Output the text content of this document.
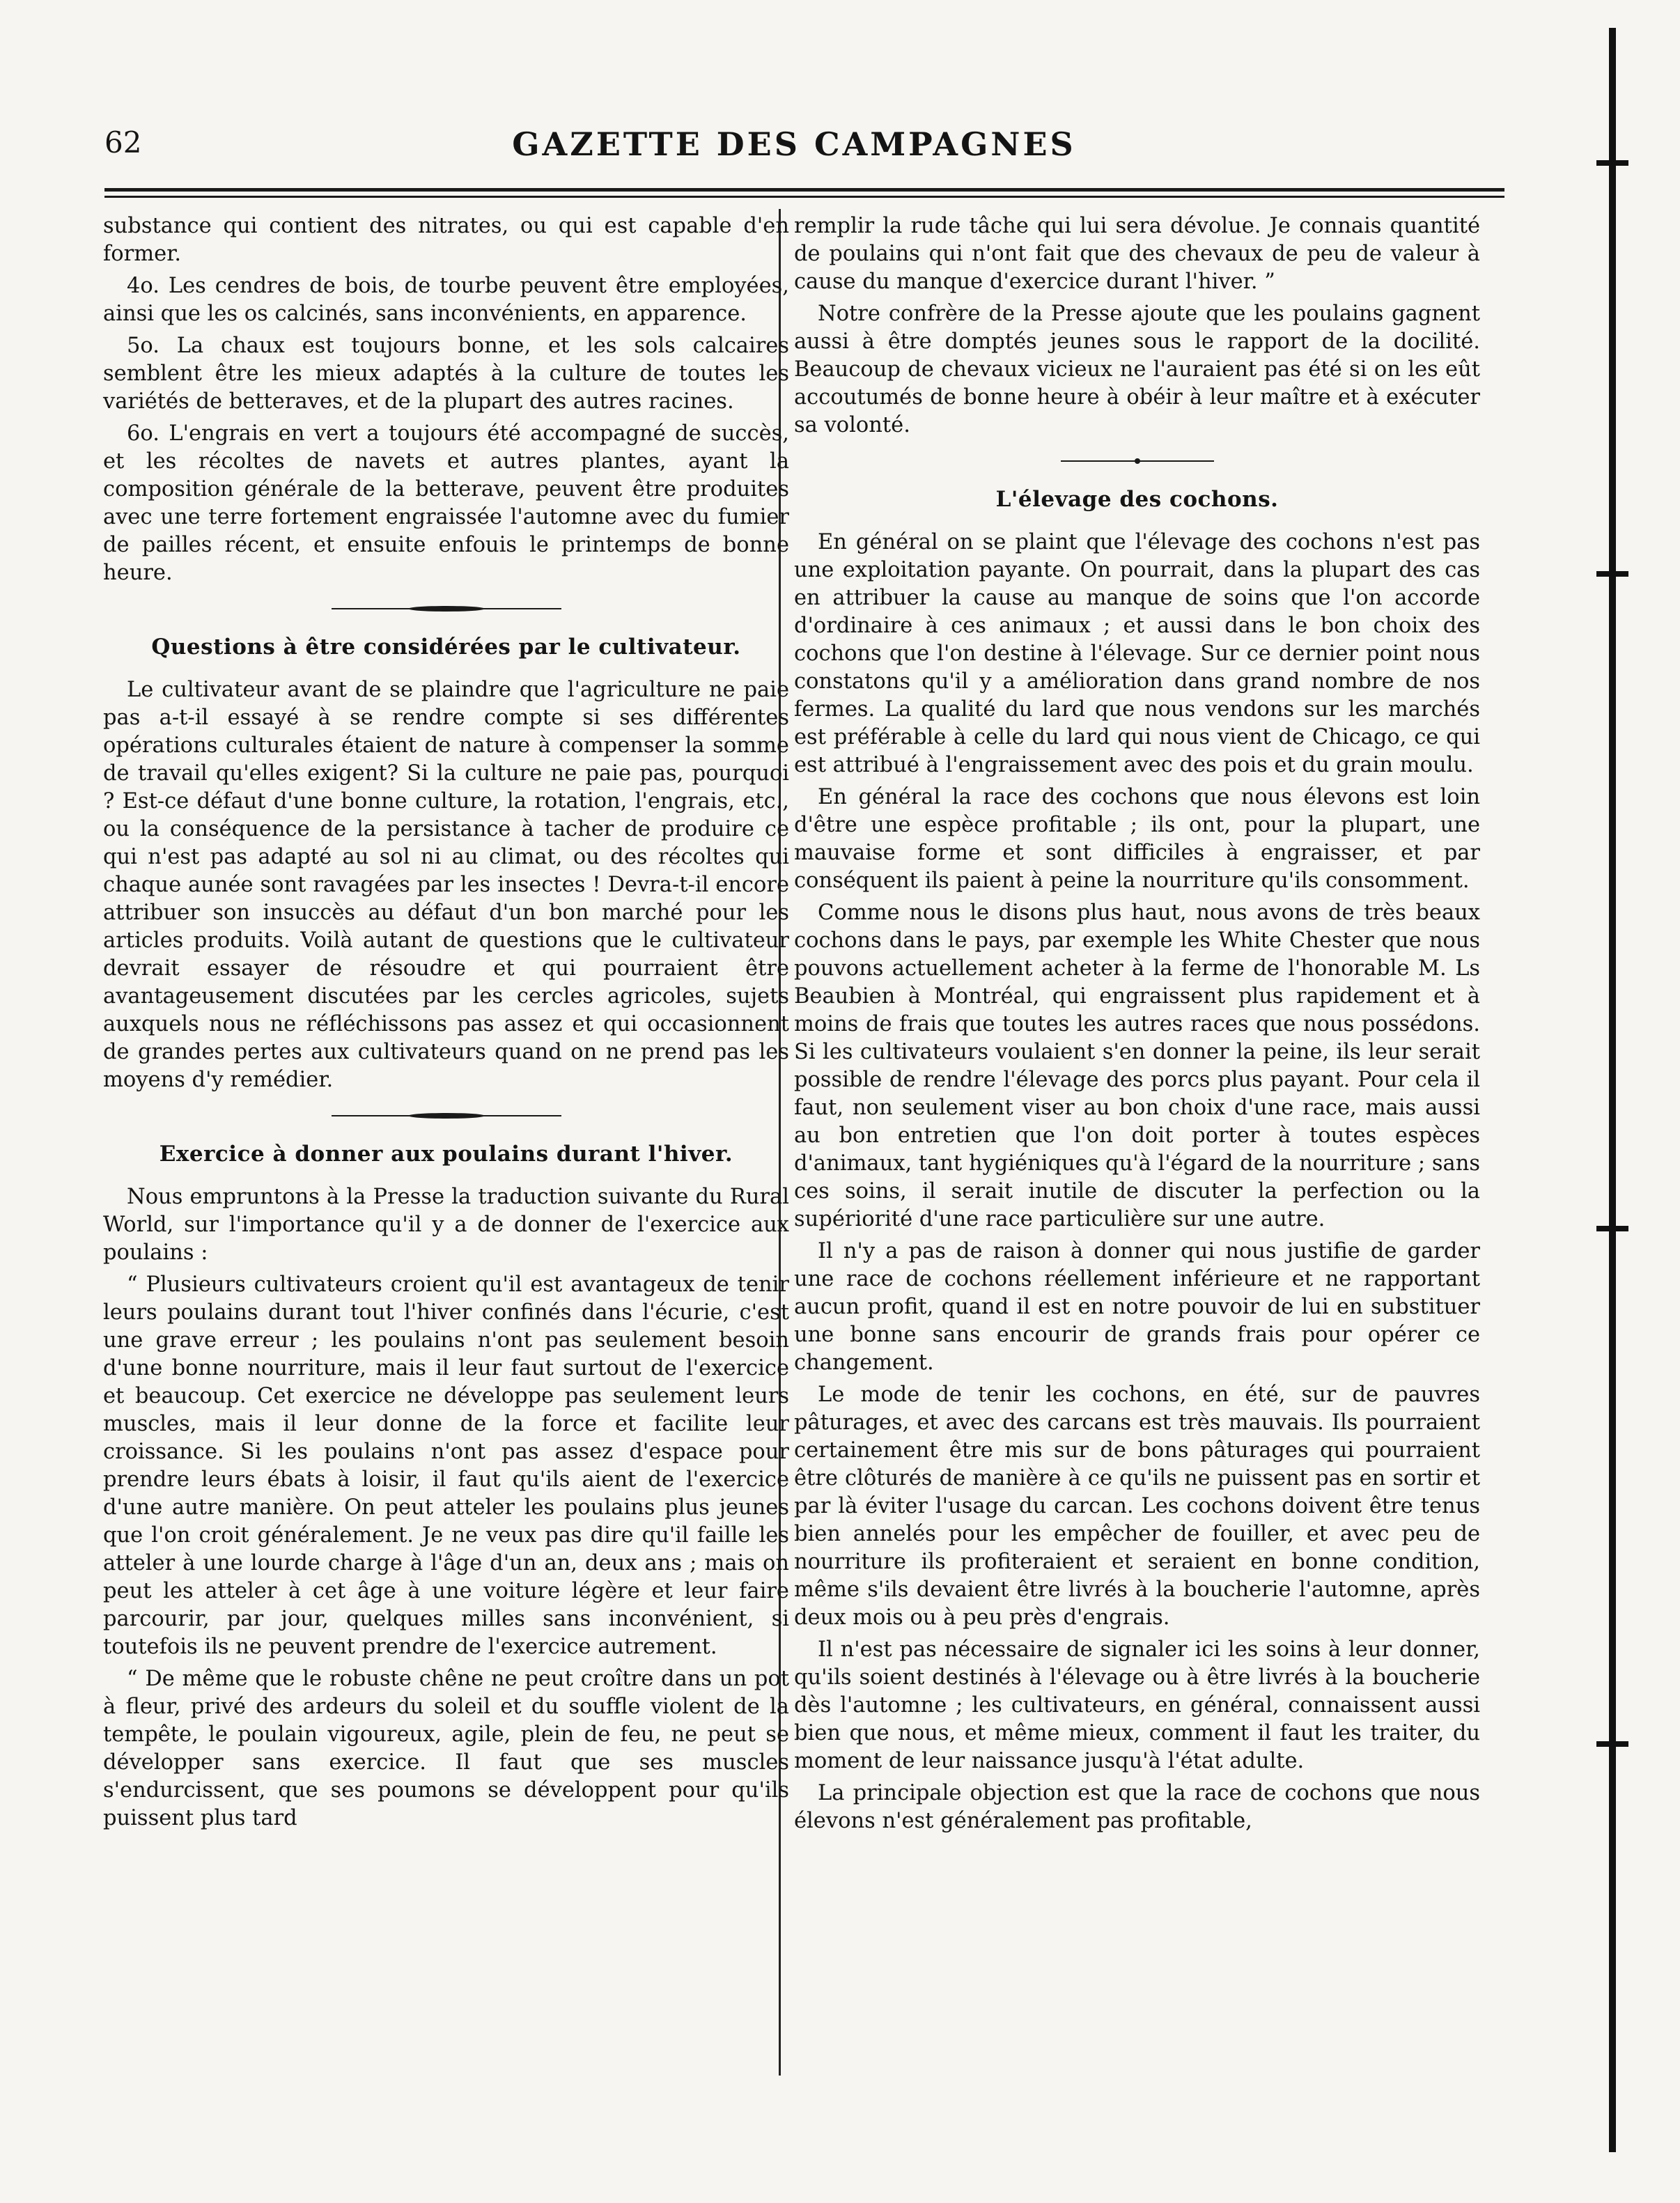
62	GAZETTE DES CAMPAGNES

substance qui contient des nitrates, ou qui est capable d'en former.

4o. Les cendres de bois, de tourbe peuvent être employées, ainsi que les os calcinés, sans inconvénients, en apparence.

5o. La chaux est toujours bonne, et les sols calcaires semblent être les mieux adaptés à la culture de toutes les variétés de betteraves, et de la plupart des autres racines.

6o. L'engrais en vert a toujours été accompagné de succès, et les récoltes de navets et autres plantes, ayant la composition générale de la betterave, peuvent être produites avec une terre fortement engraissée l'automne avec du fumier de pailles récent, et ensuite enfouis le printemps de bonne heure.

Questions à être considérées par le cultivateur.

Le cultivateur avant de se plaindre que l'agriculture ne paie pas a-t-il essayé à se rendre compte si ses différentes opérations culturales étaient de nature à compenser la somme de travail qu'elles exigent? Si la culture ne paie pas, pourquoi ? Est-ce défaut d'une bonne culture, la rotation, l'engrais, etc., ou la conséquence de la persistance à tacher de produire ce qui n'est pas adapté au sol ni au climat, ou des récoltes qui chaque aunée sont ravagées par les insectes ! Devra-t-il encore attribuer son insuccès au défaut d'un bon marché pour les articles produits. Voilà autant de questions que le cultivateur devrait essayer de résoudre et qui pourraient être avantageusement discutées par les cercles agricoles, sujets auxquels nous ne réfléchissons pas assez et qui occasionnent de grandes pertes aux cultivateurs quand on ne prend pas les moyens d'y remédier.

Exercice à donner aux poulains durant l'hiver.

Nous empruntons à la Presse la traduction suivante du Rural World, sur l'importance qu'il y a de donner de l'exercice aux poulains :

“ Plusieurs cultivateurs croient qu'il est avantageux de tenir leurs poulains durant tout l'hiver confinés dans l'écurie, c'est une grave erreur ; les poulains n'ont pas seulement besoin d'une bonne nourriture, mais il leur faut surtout de l'exercice et beaucoup. Cet exercice ne développe pas seulement leurs muscles, mais il leur donne de la force et facilite leur croissance. Si les poulains n'ont pas assez d'espace pour prendre leurs ébats à loisir, il faut qu'ils aient de l'exercice d'une autre manière. On peut atteler les poulains plus jeunes que l'on croit généralement. Je ne veux pas dire qu'il faille les atteler à une lourde charge à l'âge d'un an, deux ans ; mais on peut les atteler à cet âge à une voiture légère et leur faire parcourir, par jour, quelques milles sans inconvénient, si toutefois ils ne peuvent prendre de l'exercice autrement.

“ De même que le robuste chêne ne peut croître dans un pot à fleur, privé des ardeurs du soleil et du souffle violent de la tempête, le poulain vigoureux, agile, plein de feu, ne peut se développer sans exercice. Il faut que ses muscles s'endurcissent, que ses poumons se développent pour qu'ils puissent plus tard

remplir la rude tâche qui lui sera dévolue. Je connais quantité de poulains qui n'ont fait que des chevaux de peu de valeur à cause du manque d'exercice durant l'hiver. ”

Notre confrère de la Presse ajoute que les poulains gagnent aussi à être domptés jeunes sous le rapport de la docilité. Beaucoup de chevaux vicieux ne l'auraient pas été si on les eût accoutumés de bonne heure à obéir à leur maître et à exécuter sa volonté.

L'élevage des cochons.

En général on se plaint que l'élevage des cochons n'est pas une exploitation payante. On pourrait, dans la plupart des cas en attribuer la cause au manque de soins que l'on accorde d'ordinaire à ces animaux ; et aussi dans le bon choix des cochons que l'on destine à l'élevage. Sur ce dernier point nous constatons qu'il y a amélioration dans grand nombre de nos fermes. La qualité du lard que nous vendons sur les marchés est préférable à celle du lard qui nous vient de Chicago, ce qui est attribué à l'engraissement avec des pois et du grain moulu.

En général la race des cochons que nous élevons est loin d'être une espèce profitable ; ils ont, pour la plupart, une mauvaise forme et sont difficiles à engraisser, et par conséquent ils paient à peine la nourriture qu'ils consomment.

Comme nous le disons plus haut, nous avons de très beaux cochons dans le pays, par exemple les White Chester que nous pouvons actuellement acheter à la ferme de l'honorable M. Ls Beaubien à Montréal, qui engraissent plus rapidement et à moins de frais que toutes les autres races que nous possédons. Si les cultivateurs voulaient s'en donner la peine, ils leur serait possible de rendre l'élevage des porcs plus payant. Pour cela il faut, non seulement viser au bon choix d'une race, mais aussi au bon entretien que l'on doit porter à toutes espèces d'animaux, tant hygiéniques qu'à l'égard de la nourriture ; sans ces soins, il serait inutile de discuter la perfection ou la supériorité d'une race particulière sur une autre.

Il n'y a pas de raison à donner qui nous justifie de garder une race de cochons réellement inférieure et ne rapportant aucun profit, quand il est en notre pouvoir de lui en substituer une bonne sans encourir de grands frais pour opérer ce changement.

Le mode de tenir les cochons, en été, sur de pauvres pâturages, et avec des carcans est très mauvais. Ils pourraient certainement être mis sur de bons pâturages qui pourraient être clôturés de manière à ce qu'ils ne puissent pas en sortir et par là éviter l'usage du carcan. Les cochons doivent être tenus bien annelés pour les empêcher de fouiller, et avec peu de nourriture ils profiteraient et seraient en bonne condition, même s'ils devaient être livrés à la boucherie l'automne, après deux mois ou à peu près d'engrais.

Il n'est pas nécessaire de signaler ici les soins à leur donner, qu'ils soient destinés à l'élevage ou à être livrés à la boucherie dès l'automne ; les cultivateurs, en général, connaissent aussi bien que nous, et même mieux, comment il faut les traiter, du moment de leur naissance jusqu'à l'état adulte.

La principale objection est que la race de cochons que nous élevons n'est généralement pas profitable,
